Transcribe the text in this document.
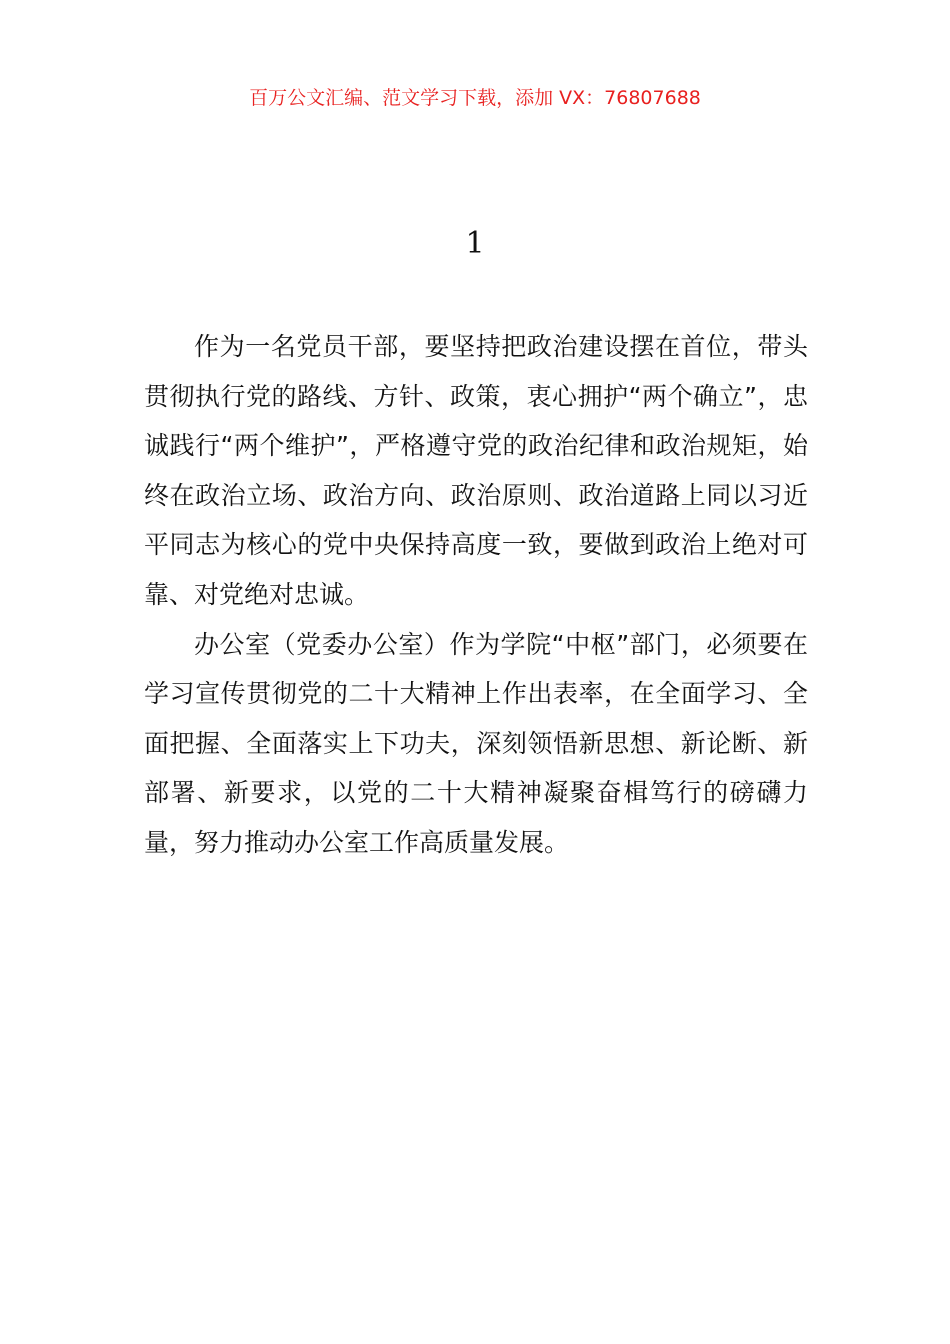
百万公文汇编、范文学习下载，添加 VX：76807688
1

作为一名党员干部，要坚持把政治建设摆在首位，带头贯彻执行党的路线、方针、政策，衷心拥护“两个确立”，忠诚践行“两个维护”，严格遵守党的政治纪律和政治规矩，始终在政治立场、政治方向、政治原则、政治道路上同以习近平同志为核心的党中央保持高度一致，要做到政治上绝对可靠、对党绝对忠诚。

办公室（党委办公室）作为学院“中枢”部门，必须要在学习宣传贯彻党的二十大精神上作出表率，在全面学习、全面把握、全面落实上下功夫，深刻领悟新思想、新论断、新部署、新要求，以党的二十大精神凝聚奋楫笃行的磅礴力量，努力推动办公室工作高质量发展。
